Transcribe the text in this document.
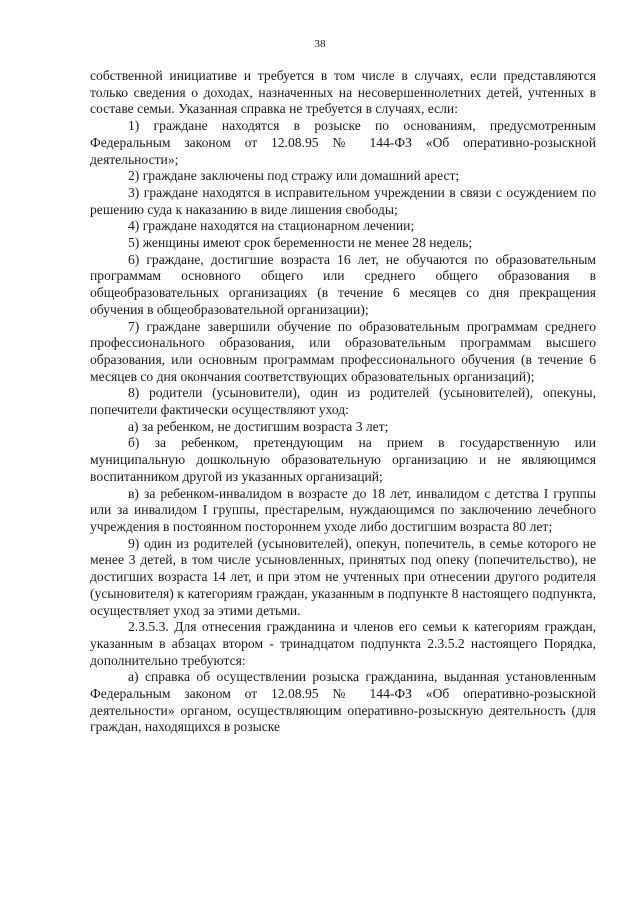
38

собственной инициативе и требуется в том числе в случаях, если представляются только сведения о доходах, назначенных на несовершеннолетних детей, учтенных в составе семьи. Указанная справка не требуется в случаях, если:

1) граждане находятся в розыске по основаниям, предусмотренным Федеральным законом от 12.08.95 № 144-ФЗ «Об оперативно-розыскной деятельности»;

2) граждане заключены под стражу или домашний арест;

3) граждане находятся в исправительном учреждении в связи с осуждением по решению суда к наказанию в виде лишения свободы;

4) граждане находятся на стационарном лечении;

5) женщины имеют срок беременности не менее 28 недель;

6) граждане, достигшие возраста 16 лет, не обучаются по образовательным программам основного общего или среднего общего образования в общеобразовательных организациях (в течение 6 месяцев со дня прекращения обучения в общеобразовательной организации);

7) граждане завершили обучение по образовательным программам среднего профессионального образования, или образовательным программам высшего образования, или основным программам профессионального обучения (в течение 6 месяцев со дня окончания соответствующих образовательных организаций);

8) родители (усыновители), один из родителей (усыновителей), опекуны, попечители фактически осуществляют уход:

а) за ребенком, не достигшим возраста 3 лет;

б) за ребенком, претендующим на прием в государственную или муниципальную дошкольную образовательную организацию и не являющимся воспитанником другой из указанных организаций;

в) за ребенком-инвалидом в возрасте до 18 лет, инвалидом с детства I группы или за инвалидом I группы, престарелым, нуждающимся по заключению лечебного учреждения в постоянном постороннем уходе либо достигшим возраста 80 лет;

9) один из родителей (усыновителей), опекун, попечитель, в семье которого не менее 3 детей, в том числе усыновленных, принятых под опеку (попечительство), не достигших возраста 14 лет, и при этом не учтенных при отнесении другого родителя (усыновителя) к категориям граждан, указанным в подпункте 8 настоящего подпункта, осуществляет уход за этими детьми.

2.3.5.3. Для отнесения гражданина и членов его семьи к категориям граждан, указанным в абзацах втором - тринадцатом подпункта 2.3.5.2 настоящего Порядка, дополнительно требуются:

а) справка об осуществлении розыска гражданина, выданная установленным Федеральным законом от 12.08.95 № 144-ФЗ «Об оперативно-розыскной деятельности» органом, осуществляющим оперативно-розыскную деятельность (для граждан, находящихся в розыске
